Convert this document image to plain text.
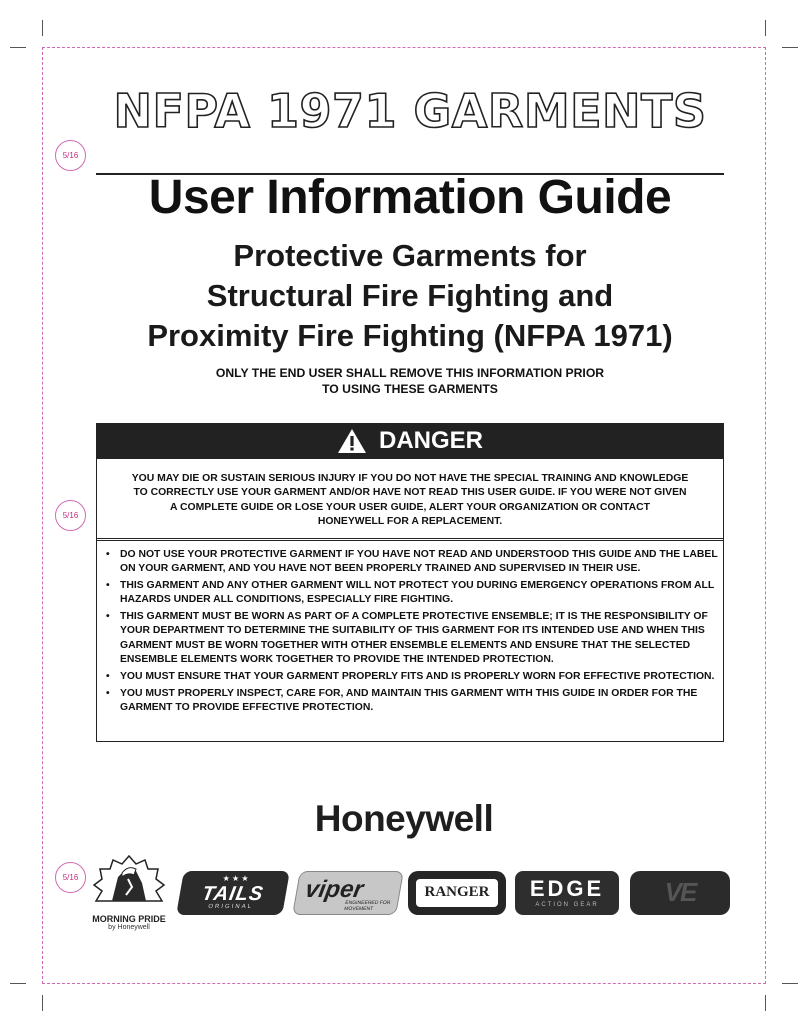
5/16
5/16
5/16
NFPA 1971 GARMENTS
User Information Guide
Protective Garments for
Structural Fire Fighting and
Proximity Fire Fighting (NFPA 1971)
ONLY THE END USER SHALL REMOVE THIS INFORMATION PRIOR
TO USING THESE GARMENTS
DANGER
YOU MAY DIE OR SUSTAIN SERIOUS INJURY IF YOU DO NOT HAVE THE SPECIAL TRAINING AND KNOWLEDGE
TO CORRECTLY USE YOUR GARMENT AND/OR HAVE NOT READ THIS USER GUIDE. IF YOU WERE NOT GIVEN
A COMPLETE GUIDE OR LOSE YOUR USER GUIDE, ALERT YOUR ORGANIZATION OR CONTACT
HONEYWELL FOR A REPLACEMENT.
• DO NOT USE YOUR PROTECTIVE GARMENT IF YOU HAVE NOT READ AND UNDERSTOOD THIS GUIDE AND THE LABEL ON YOUR GARMENT, AND YOU HAVE NOT BEEN PROPERLY TRAINED AND SUPERVISED IN THEIR USE.
• THIS GARMENT AND ANY OTHER GARMENT WILL NOT PROTECT YOU DURING EMERGENCY OPERATIONS FROM ALL HAZARDS UNDER ALL CONDITIONS, ESPECIALLY FIRE FIGHTING.
• THIS GARMENT MUST BE WORN AS PART OF A COMPLETE PROTECTIVE ENSEMBLE; IT IS THE RESPONSIBILITY OF YOUR DEPARTMENT TO DETERMINE THE SUITABILITY OF THIS GARMENT FOR ITS INTENDED USE AND WHEN THIS GARMENT MUST BE WORN TOGETHER WITH OTHER ENSEMBLE ELEMENTS AND ENSURE THAT THE SELECTED ENSEMBLE ELEMENTS WORK TOGETHER TO PROVIDE THE INTENDED PROTECTION.
• YOU MUST ENSURE THAT YOUR GARMENT PROPERLY FITS AND IS PROPERLY WORN FOR EFFECTIVE PROTECTION.
• YOU MUST PROPERLY INSPECT, CARE FOR, AND MAINTAIN THIS GARMENT WITH THIS GUIDE IN ORDER FOR THE GARMENT TO PROVIDE EFFECTIVE PROTECTION.
Honeywell
MORNING PRIDE
by Honeywell
★ ★ ★
TAILS
ORIGINAL
viper
ENGINEERED FOR MOVEMENT
RANGER	EDGE
ACTION GEAR	VE
